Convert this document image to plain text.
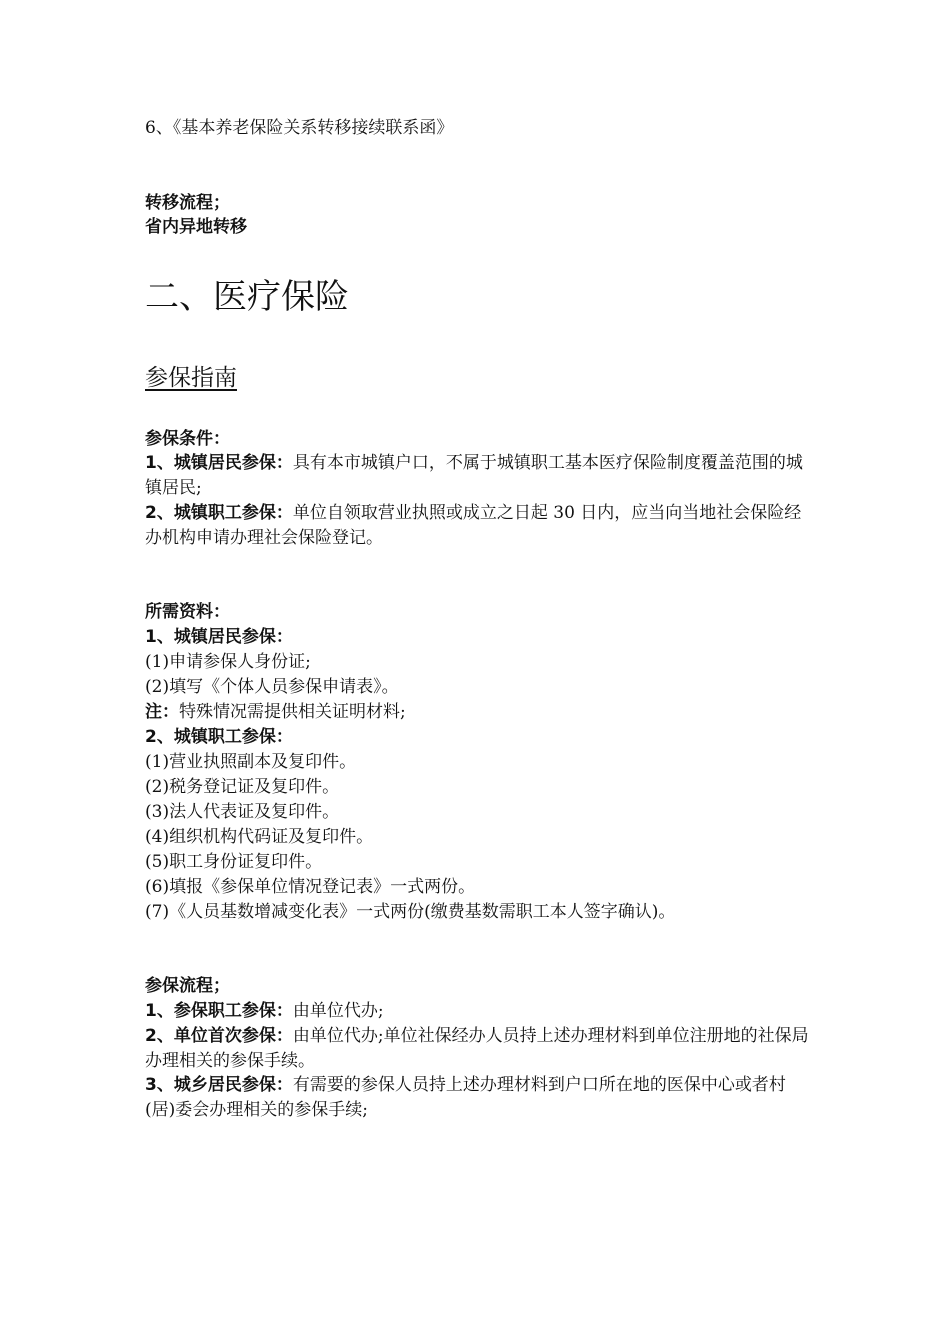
6、《基本养老保险关系转移接续联系函》
转移流程；
省内异地转移
二、医疗保险
参保指南
参保条件：
1、城镇居民参保：具有本市城镇户口，不属于城镇职工基本医疗保险制度覆盖范围的城镇居民;
2、城镇职工参保：单位自领取营业执照或成立之日起 30 日内，应当向当地社会保险经办机构申请办理社会保险登记。
所需资料：
1、城镇居民参保：
(1)申请参保人身份证;
(2)填写《个体人员参保申请表》。
注：特殊情况需提供相关证明材料;
2、城镇职工参保：
(1)营业执照副本及复印件。
(2)税务登记证及复印件。
(3)法人代表证及复印件。
(4)组织机构代码证及复印件。
(5)职工身份证复印件。
(6)填报《参保单位情况登记表》一式两份。
(7)《人员基数增减变化表》一式两份(缴费基数需职工本人签字确认)。
参保流程；
1、参保职工参保：由单位代办;
2、单位首次参保：由单位代办;单位社保经办人员持上述办理材料到单位注册地的社保局办理相关的参保手续。
3、城乡居民参保：有需要的参保人员持上述办理材料到户口所在地的医保中心或者村(居)委会办理相关的参保手续;
